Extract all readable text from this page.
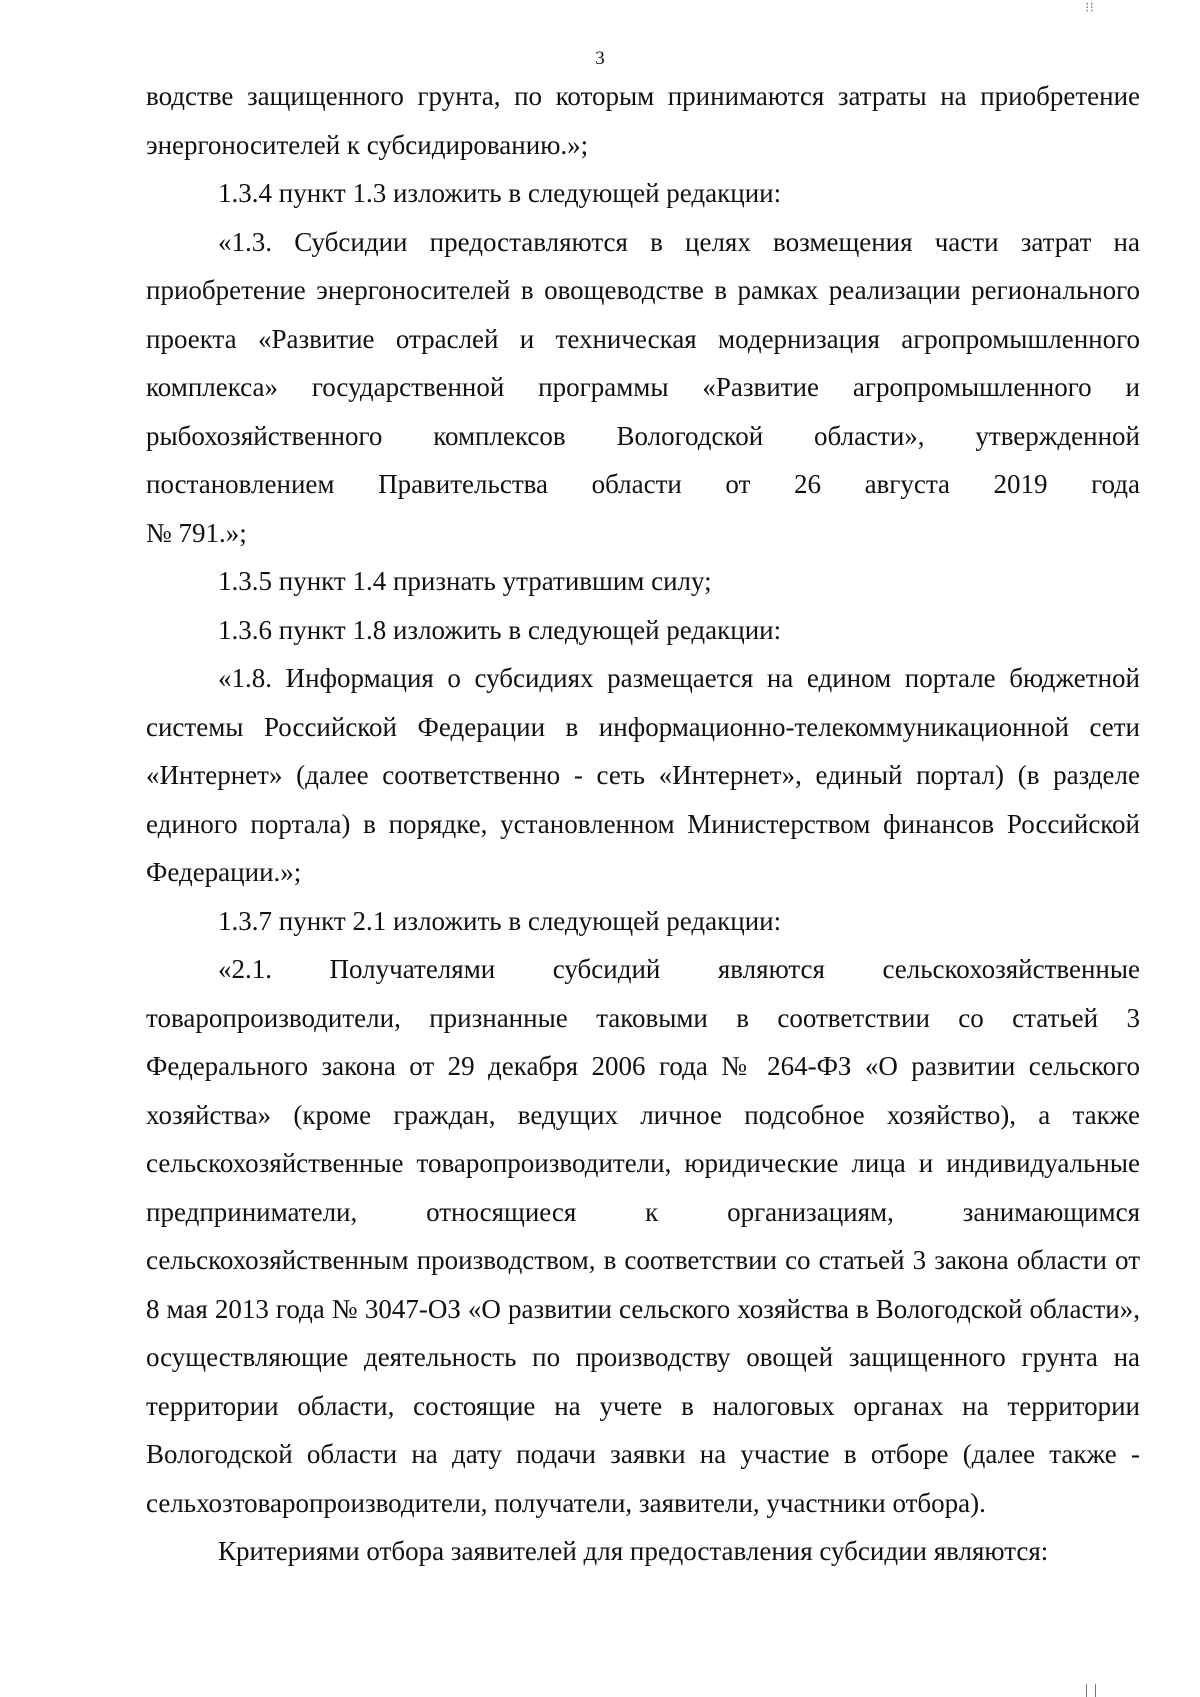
⁝⁝
3

водстве защищенного грунта, по которым принимаются затраты на приобретение энергоносителей к субсидированию.»;

1.3.4 пункт 1.3 изложить в следующей редакции:

«1.3. Субсидии предоставляются в целях возмещения части затрат на приобретение энергоносителей в овощеводстве в рамках реализации регионального проекта «Развитие отраслей и техническая модернизация агропромышленного комплекса» государственной программы «Развитие агропромышленного и рыбохозяйственного комплексов Вологодской области», утвержденной постановлением Правительства области от 26 августа 2019 года

№ 791.»;

1.3.5 пункт 1.4 признать утратившим силу;

1.3.6 пункт 1.8 изложить в следующей редакции:

«1.8. Информация о субсидиях размещается на едином портале бюджетной системы Российской Федерации в информационно-телекоммуникационной сети «Интернет» (далее соответственно - сеть «Интернет», единый портал) (в разделе единого портала) в порядке, установленном Министерством финансов Российской Федерации.»;

1.3.7 пункт 2.1 изложить в следующей редакции:

«2.1. Получателями субсидий являются сельскохозяйственные товаропроизводители, признанные таковыми в соответствии со статьей 3 Федерального закона от 29 декабря 2006 года № 264-ФЗ «О развитии сельского хозяйства» (кроме граждан, ведущих личное подсобное хозяйство), а также сельскохозяйственные товаропроизводители, юридические лица и индивидуальные предприниматели, относящиеся к организациям, занимающимся сельскохозяйственным производством, в соответствии со статьей 3 закона области от 8 мая 2013 года № 3047-ОЗ «О развитии сельского хозяйства в Вологодской области», осуществляющие деятельность по производству овощей защищенного грунта на территории области, состоящие на учете в налоговых органах на территории Вологодской области на дату подачи заявки на участие в отборе (далее также - сельхозтоваропроизводители, получатели, заявители, участники отбора).

Критериями отбора заявителей для предоставления субсидии являются:
